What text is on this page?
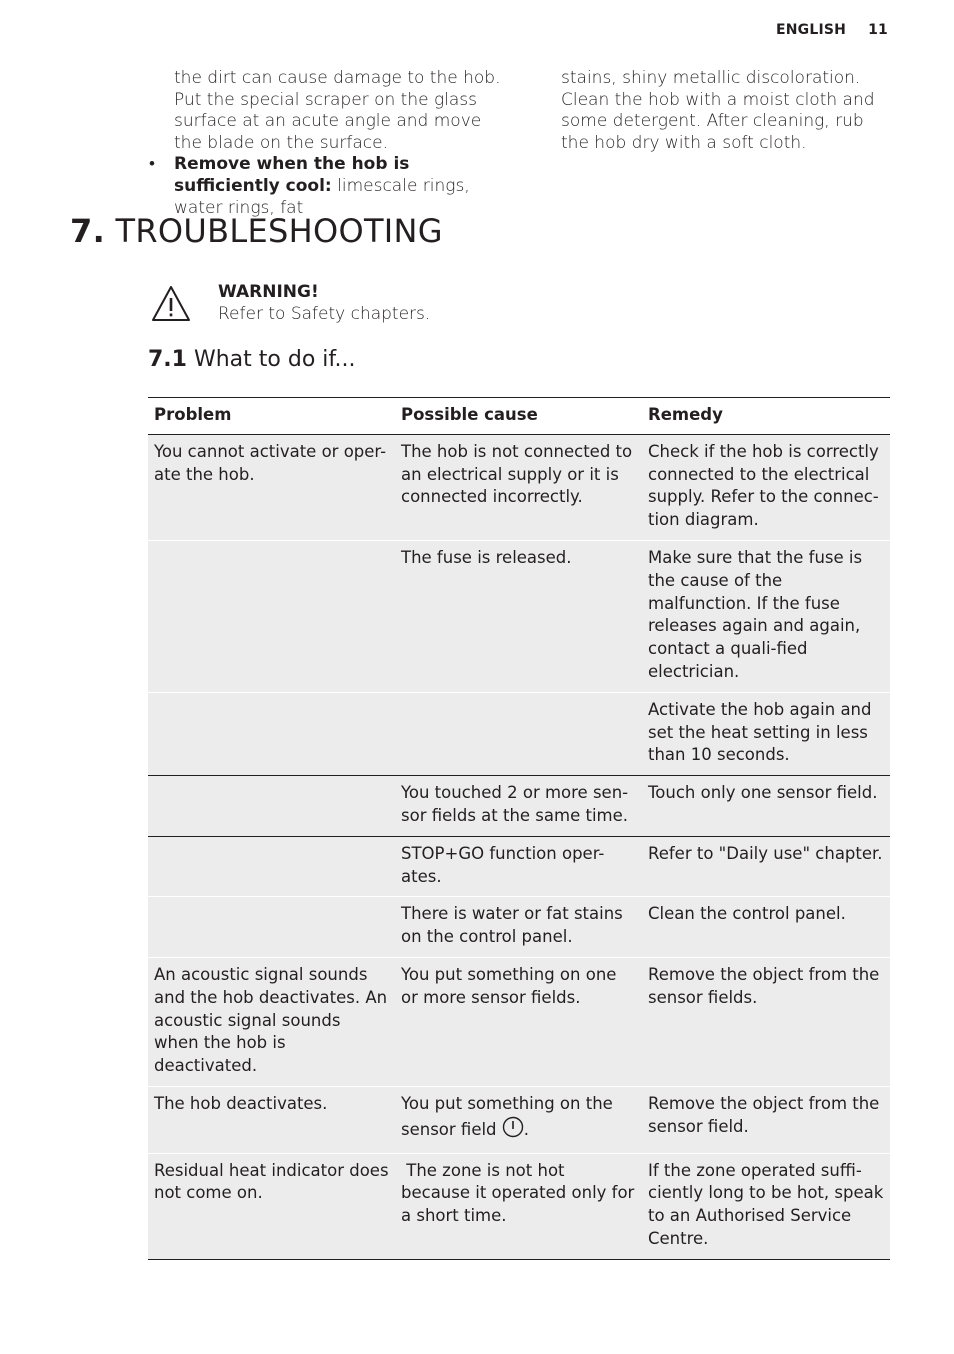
ENGLISH 11
the dirt can cause damage to the hob. Put the special scraper on the glass surface at an acute angle and move the blade on the surface.
• Remove when the hob is sufficiently cool: limescale rings, water rings, fat
stains, shiny metallic discoloration. Clean the hob with a moist cloth and some detergent. After cleaning, rub the hob dry with a soft cloth.
7. TROUBLESHOOTING
WARNING!
Refer to Safety chapters.
7.1 What to do if...
Problem	Possible cause	Remedy
You cannot activate or oper-ate the hob.	The hob is not connected to an electrical supply or it is connected incorrectly.	Check if the hob is correctly connected to the electrical supply. Refer to the connec-tion diagram.
	The fuse is released.	Make sure that the fuse is the cause of the malfunction. If the fuse releases again and again, contact a quali-fied electrician.
		Activate the hob again and set the heat setting in less than 10 seconds.
	You touched 2 or more sen-sor fields at the same time.	Touch only one sensor field.
	STOP+GO function oper-ates.	Refer to "Daily use" chapter.
	There is water or fat stains on the control panel.	Clean the control panel.
An acoustic signal sounds and the hob deactivates. An acoustic signal sounds when the hob is deactivated.	You put something on one or more sensor fields.	Remove the object from the sensor fields.
The hob deactivates.	You put something on the sensor field .	Remove the object from the sensor field.
Residual heat indicator does not come on.	The zone is not hot because it operated only for a short time.	If the zone operated suffi-ciently long to be hot, speak to an Authorised Service Centre.
